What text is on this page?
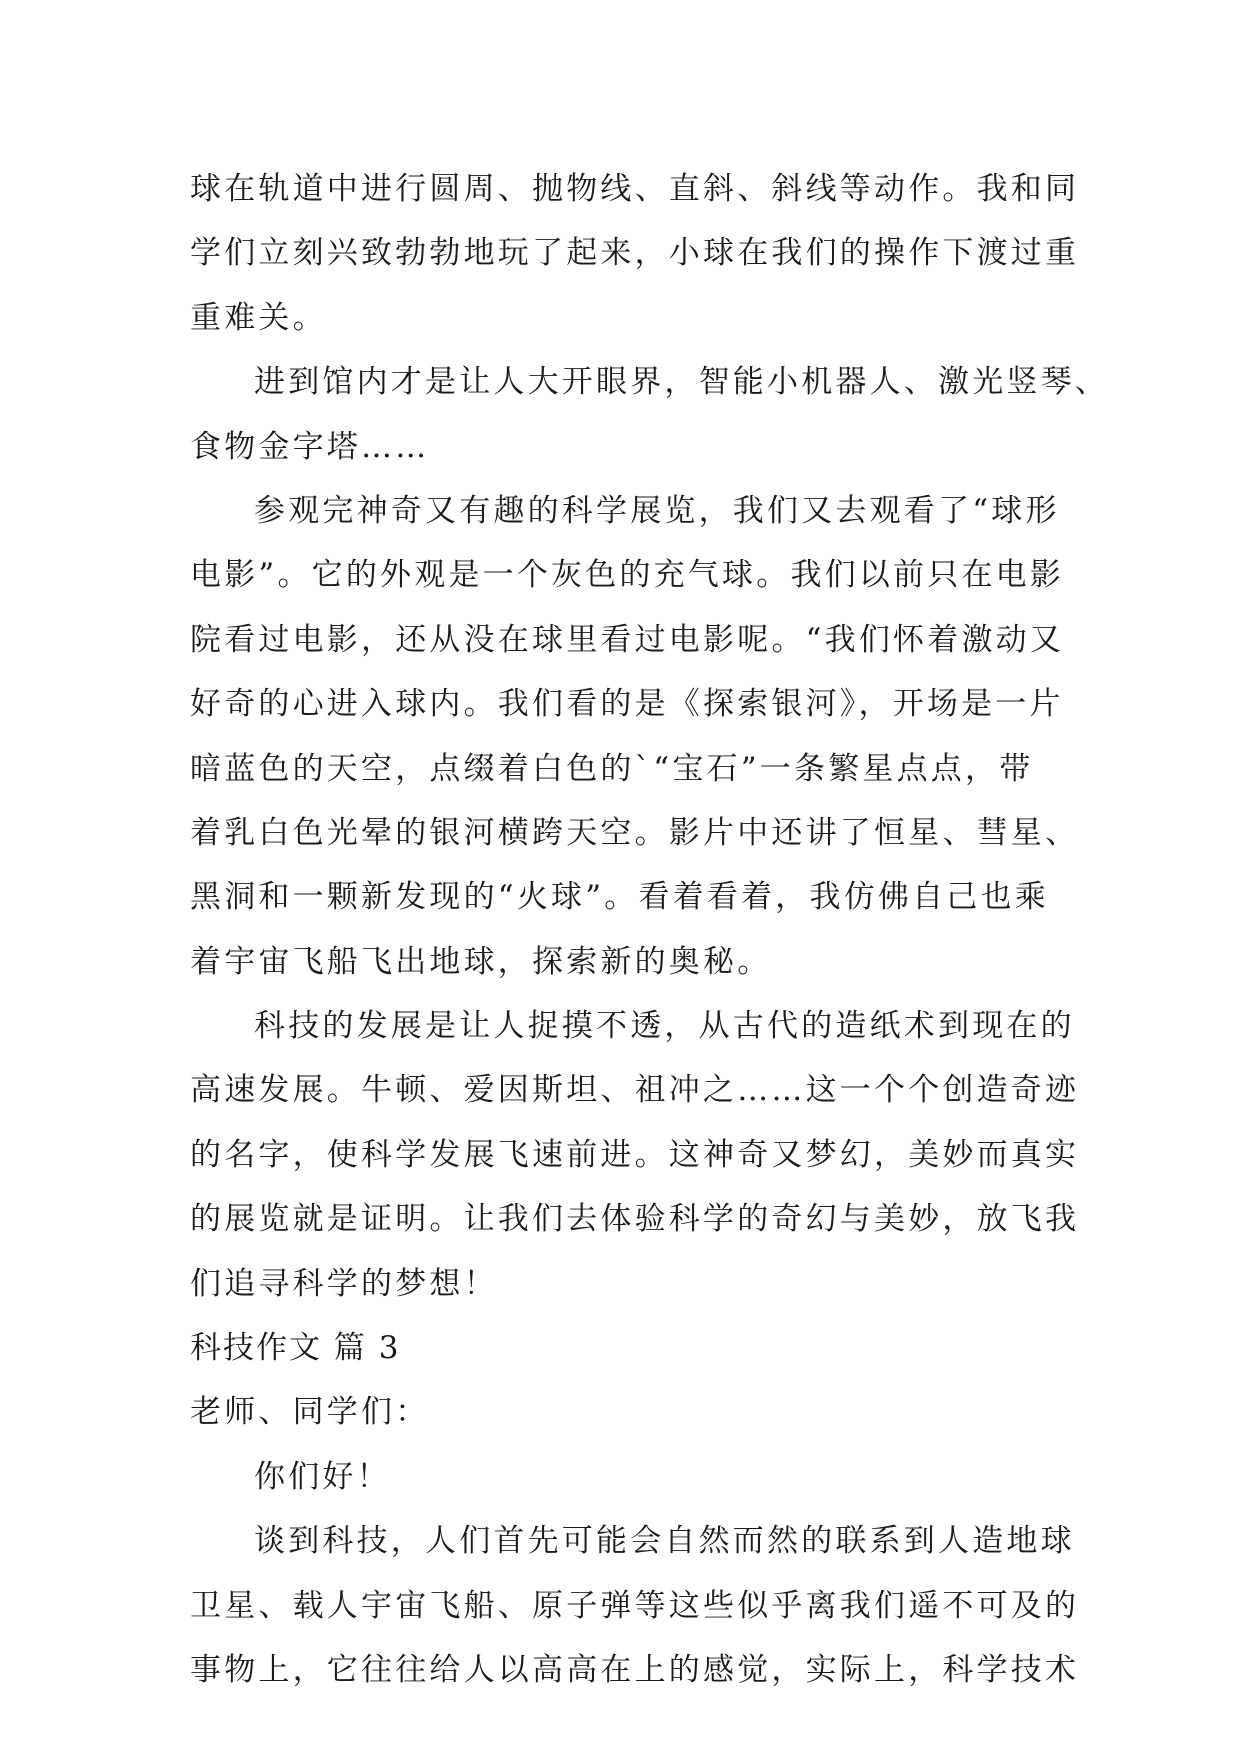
球在轨道中进行圆周、抛物线、直斜、斜线等动作。我和同
学们立刻兴致勃勃地玩了起来，小球在我们的操作下渡过重
重难关。
进到馆内才是让人大开眼界，智能小机器人、激光竖琴、
食物金字塔……
参观完神奇又有趣的科学展览，我们又去观看了“球形
电影”。它的外观是一个灰色的充气球。我们以前只在电影
院看过电影，还从没在球里看过电影呢。“我们怀着激动又
好奇的心进入球内。我们看的是《探索银河》，开场是一片
暗蓝色的天空，点缀着白色的`“宝石”一条繁星点点，带
着乳白色光晕的银河横跨天空。影片中还讲了恒星、彗星、
黑洞和一颗新发现的“火球”。看着看着，我仿佛自己也乘
着宇宙飞船飞出地球，探索新的奥秘。
科技的发展是让人捉摸不透，从古代的造纸术到现在的
高速发展。牛顿、爱因斯坦、祖冲之……这一个个创造奇迹
的名字，使科学发展飞速前进。这神奇又梦幻，美妙而真实
的展览就是证明。让我们去体验科学的奇幻与美妙，放飞我
们追寻科学的梦想！
科技作文 篇 3
老师、同学们：
你们好！
谈到科技，人们首先可能会自然而然的联系到人造地球
卫星、载人宇宙飞船、原子弹等这些似乎离我们遥不可及的
事物上，它往往给人以高高在上的感觉，实际上，科学技术
